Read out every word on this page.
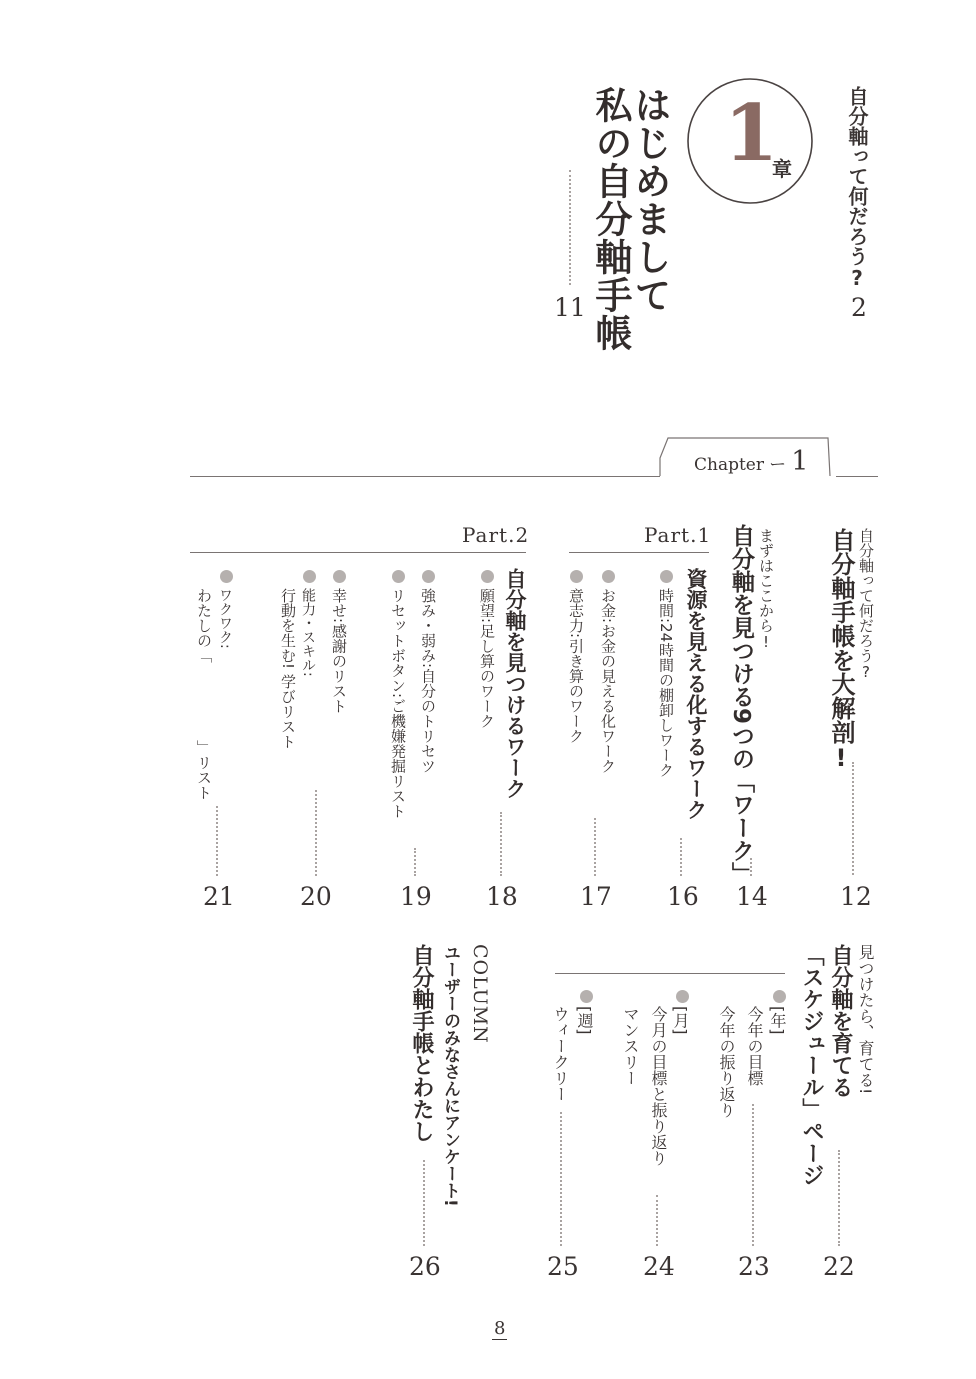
自分軸って何だろう?
2
1
章
はじめまして
私の自分軸手帳
11
Chapter ー 1
自分軸って何だろう?
自分軸手帳を大解剖!
12
まずはここから!
自分軸を見つける9つの「ワーク」
14
Part.1
資源を見える化するワーク
16
時間:24時間の棚卸しワーク
お金:お金の見える化ワーク
意志力:引き算のワーク
17
Part.2
自分軸を見つけるワーク
18
願望:足し算のワーク
強み・弱み:自分のトリセツ
リセットボタン:ご機嫌発掘リスト
19
幸せ:感謝のリスト
能力・スキル:
行動を生む! 学びリスト
20
ワクワク:
わたしの「
」リスト
21
見つけたら、育てる!
自分軸を育てる
「スケジュール」ページ
22
[年]
今年の目標
今年の振り返り
23
[月]
今月の目標と振り返り
マンスリー
24
[週]
ウィークリー
25
COLUMN
ユーザーのみなさんにアンケート!
自分軸手帳とわたし
26
8
